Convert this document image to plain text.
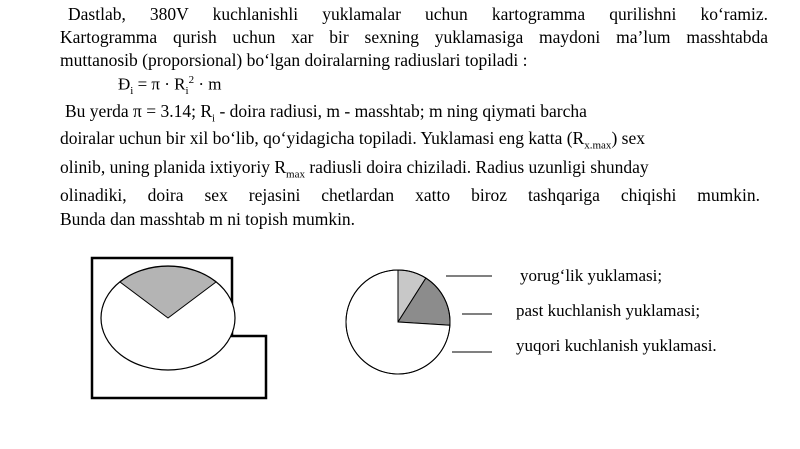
Dastlab, 380V kuchlanishli yuklamalar uchun kartogramma qurilishni ko‘ramiz.
Kartogramma qurish uchun xar bir sexning yuklamasiga maydoni ma’lum masshtabda
muttanosib (proporsional) bo‘lgan doiralarning radiuslari topiladi :
$Đ_i = \pi \cdot R_i^2 \cdot m$
Bu yerda π = 3.14; $R_i$ - doira radiusi, m - masshtab; m ning qiymati barcha
doiralar uchun bir xil bo‘lib, qo‘yidagicha topiladi. Yuklamasi eng katta $(R_{x.max})$ sex
olinib, uning planida ixtiyoriy $R_{max}$ radiusli doira chiziladi. Radius uzunligi shunday
olinadiki, doira sex rejasini chetlardan xatto biroz tashqariga chiqishi mumkin.
Bunda dan masshtab m ni topish mumkin.
yorug‘lik yuklamasi;
past kuchlanish yuklamasi;
yuqori kuchlanish yuklamasi.
